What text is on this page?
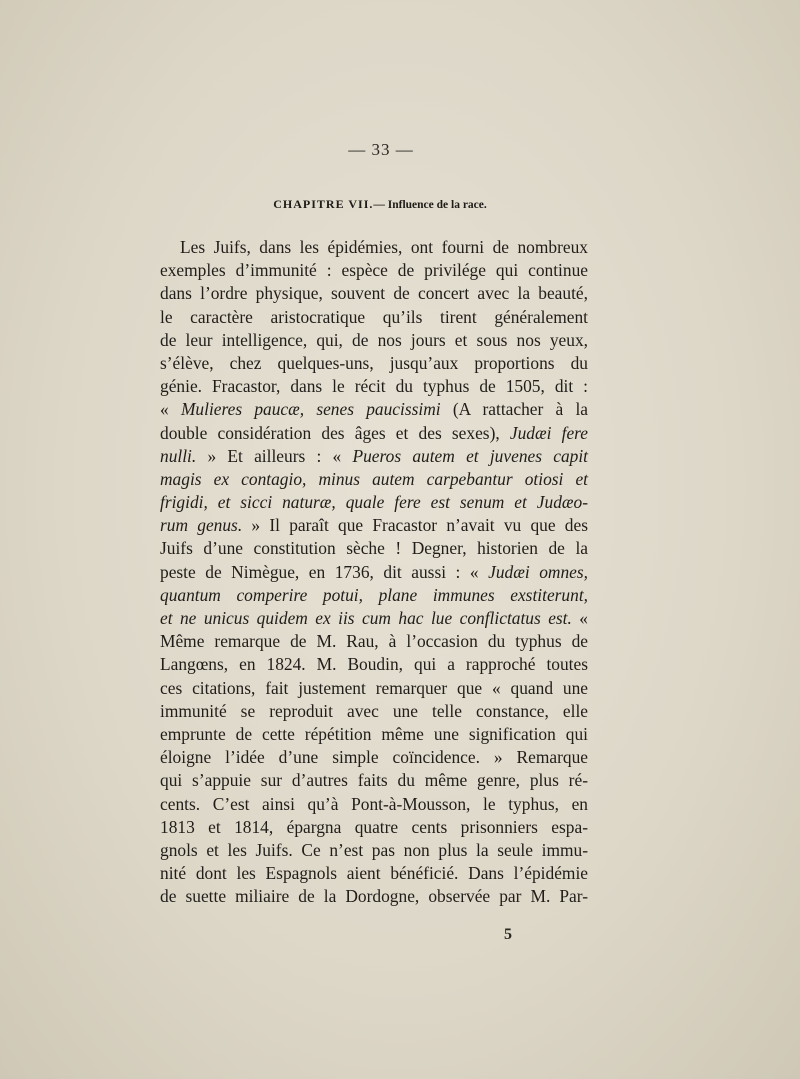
— 33 —
CHAPITRE VII.— Influence de la race.
Les Juifs, dans les épidémies, ont fourni de nombreux
exemples d’immunité : espèce de privilége qui continue
dans l’ordre physique, souvent de concert avec la beauté,
le caractère aristocratique qu’ils tirent généralement
de leur intelligence, qui, de nos jours et sous nos yeux,
s’élève, chez quelques-uns, jusqu’aux proportions du
génie. Fracastor, dans le récit du typhus de 1505, dit :
« Mulieres paucæ, senes paucissimi (A rattacher à la
double considération des âges et des sexes), Judæi fere
nulli. » Et ailleurs : « Pueros autem et juvenes capit
magis ex contagio, minus autem carpebantur otiosi et
frigidi, et sicci naturæ, quale fere est senum et Judæo-
rum genus. » Il paraît que Fracastor n’avait vu que des
Juifs d’une constitution sèche ! Degner, historien de la
peste de Nimègue, en 1736, dit aussi : « Judæi omnes,
quantum comperire potui, plane immunes exstiterunt,
et ne unicus quidem ex iis cum hac lue conflictatus est. «
Même remarque de M. Rau, à l’occasion du typhus de
Langœns, en 1824. M. Boudin, qui a rapproché toutes
ces citations, fait justement remarquer que « quand une
immunité se reproduit avec une telle constance, elle
emprunte de cette répétition même une signification qui
éloigne l’idée d’une simple coïncidence. » Remarque
qui s’appuie sur d’autres faits du même genre, plus ré-
cents. C’est ainsi qu’à Pont-à-Mousson, le typhus, en
1813 et 1814, épargna quatre cents prisonniers espa-
gnols et les Juifs. Ce n’est pas non plus la seule immu-
nité dont les Espagnols aient bénéficié. Dans l’épidémie
de suette miliaire de la Dordogne, observée par M. Par-
5
